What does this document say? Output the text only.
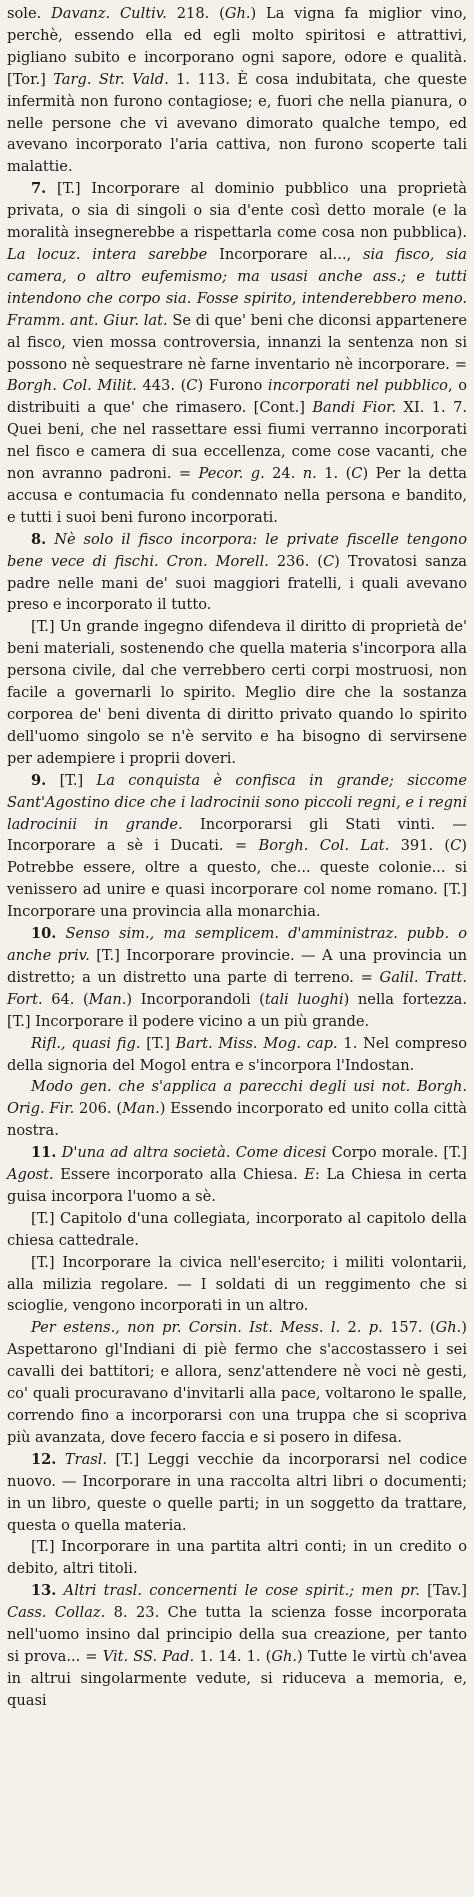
sole. Davanz. Cultiv. 218. (Gh.) La vigna fa miglior vino, perchè, essendo ella ed egli molto spiritosi e attrattivi, pigliano subito e incorporano ogni sapore, odore e qualità. [Tor.] Targ. Str. Vald. 1. 113. È cosa indubitata, che queste infermità non furono contagiose; e, fuori che nella pianura, o nelle persone che vi avevano dimorato qualche tempo, ed avevano incorporato l'aria cattiva, non furono scoperte tali malattie.

7. [T.] Incorporare al dominio pubblico una proprietà privata, o sia di singoli o sia d'ente così detto morale (e la moralità insegnerebbe a rispettarla come cosa non pubblica). La locuz. intera sarebbe Incorporare al..., sia fisco, sia camera, o altro eufemismo; ma usasi anche ass.; e tutti intendono che corpo sia. Fosse spirito, intenderebbero meno. Framm. ant. Giur. lat. Se di que' beni che diconsi appartenere al fisco, vien mossa controversia, innanzi la sentenza non si possono nè sequestrare nè farne inventario nè incorporare. = Borgh. Col. Milit. 443. (C) Furono incorporati nel pubblico, o distribuiti a que' che rimasero. [Cont.] Bandi Fior. XI. 1. 7. Quei beni, che nel rassettare essi fiumi verranno incorporati nel fisco e camera di sua eccellenza, come cose vacanti, che non avranno padroni. = Pecor. g. 24. n. 1. (C) Per la detta accusa e contumacia fu condennato nella persona e bandito, e tutti i suoi beni furono incorporati.

8. Nè solo il fisco incorpora: le private fiscelle tengono bene vece di fischi. Cron. Morell. 236. (C) Trovatosi sanza padre nelle mani de' suoi maggiori fratelli, i quali avevano preso e incorporato il tutto.

[T.] Un grande ingegno difendeva il diritto di proprietà de' beni materiali, sostenendo che quella materia s'incorpora alla persona civile, dal che verrebbero certi corpi mostruosi, non facile a governarli lo spirito. Meglio dire che la sostanza corporea de' beni diventa di diritto privato quando lo spirito dell'uomo singolo se n'è servito e ha bisogno di servirsene per adempiere i proprii doveri.

9. [T.] La conquista è confisca in grande; siccome Sant'Agostino dice che i ladrocinii sono piccoli regni, e i regni ladrocinii in grande. Incorporarsi gli Stati vinti. — Incorporare a sè i Ducati. = Borgh. Col. Lat. 391. (C) Potrebbe essere, oltre a questo, che... queste colonie... si venissero ad unire e quasi incorporare col nome romano. [T.] Incorporare una provincia alla monarchia.

10. Senso sim., ma semplicem. d'amministraz. pubb. o anche priv. [T.] Incorporare provincie. — A una provincia un distretto; a un distretto una parte di terreno. = Galil. Tratt. Fort. 64. (Man.) Incorporandoli (tali luoghi) nella fortezza. [T.] Incorporare il podere vicino a un più grande.

Rifl., quasi fig. [T.] Bart. Miss. Mog. cap. 1. Nel compreso della signoria del Mogol entra e s'incorpora l'Indostan.

Modo gen. che s'applica a parecchi degli usi not. Borgh. Orig. Fir. 206. (Man.) Essendo incorporato ed unito colla città nostra.

11. D'una ad altra società. Come dicesi Corpo morale. [T.] Agost. Essere incorporato alla Chiesa. E: La Chiesa in certa guisa incorpora l'uomo a sè.

[T.] Capitolo d'una collegiata, incorporato al capitolo della chiesa cattedrale.

[T.] Incorporare la civica nell'esercito; i militi volontarii, alla milizia regolare. — I soldati di un reggimento che si scioglie, vengono incorporati in un altro.

Per estens., non pr. Corsin. Ist. Mess. l. 2. p. 157. (Gh.) Aspettarono gl'Indiani di piè fermo che s'accostassero i sei cavalli dei battitori; e allora, senz'attendere nè voci nè gesti, co' quali procuravano d'invitarli alla pace, voltarono le spalle, correndo fino a incorporarsi con una truppa che si scopriva più avanzata, dove fecero faccia e si posero in difesa.

12. Trasl. [T.] Leggi vecchie da incorporarsi nel codice nuovo. — Incorporare in una raccolta altri libri o documenti; in un libro, queste o quelle parti; in un soggetto da trattare, questa o quella materia.

[T.] Incorporare in una partita altri conti; in un credito o debito, altri titoli.

13. Altri trasl. concernenti le cose spirit.; men pr. [Tav.] Cass. Collaz. 8. 23. Che tutta la scienza fosse incorporata nell'uomo insino dal principio della sua creazione, per tanto si prova... = Vit. SS. Pad. 1. 14. 1. (Gh.) Tutte le virtù ch'avea in altrui singolarmente vedute, si riduceva a memoria, e, quasi
